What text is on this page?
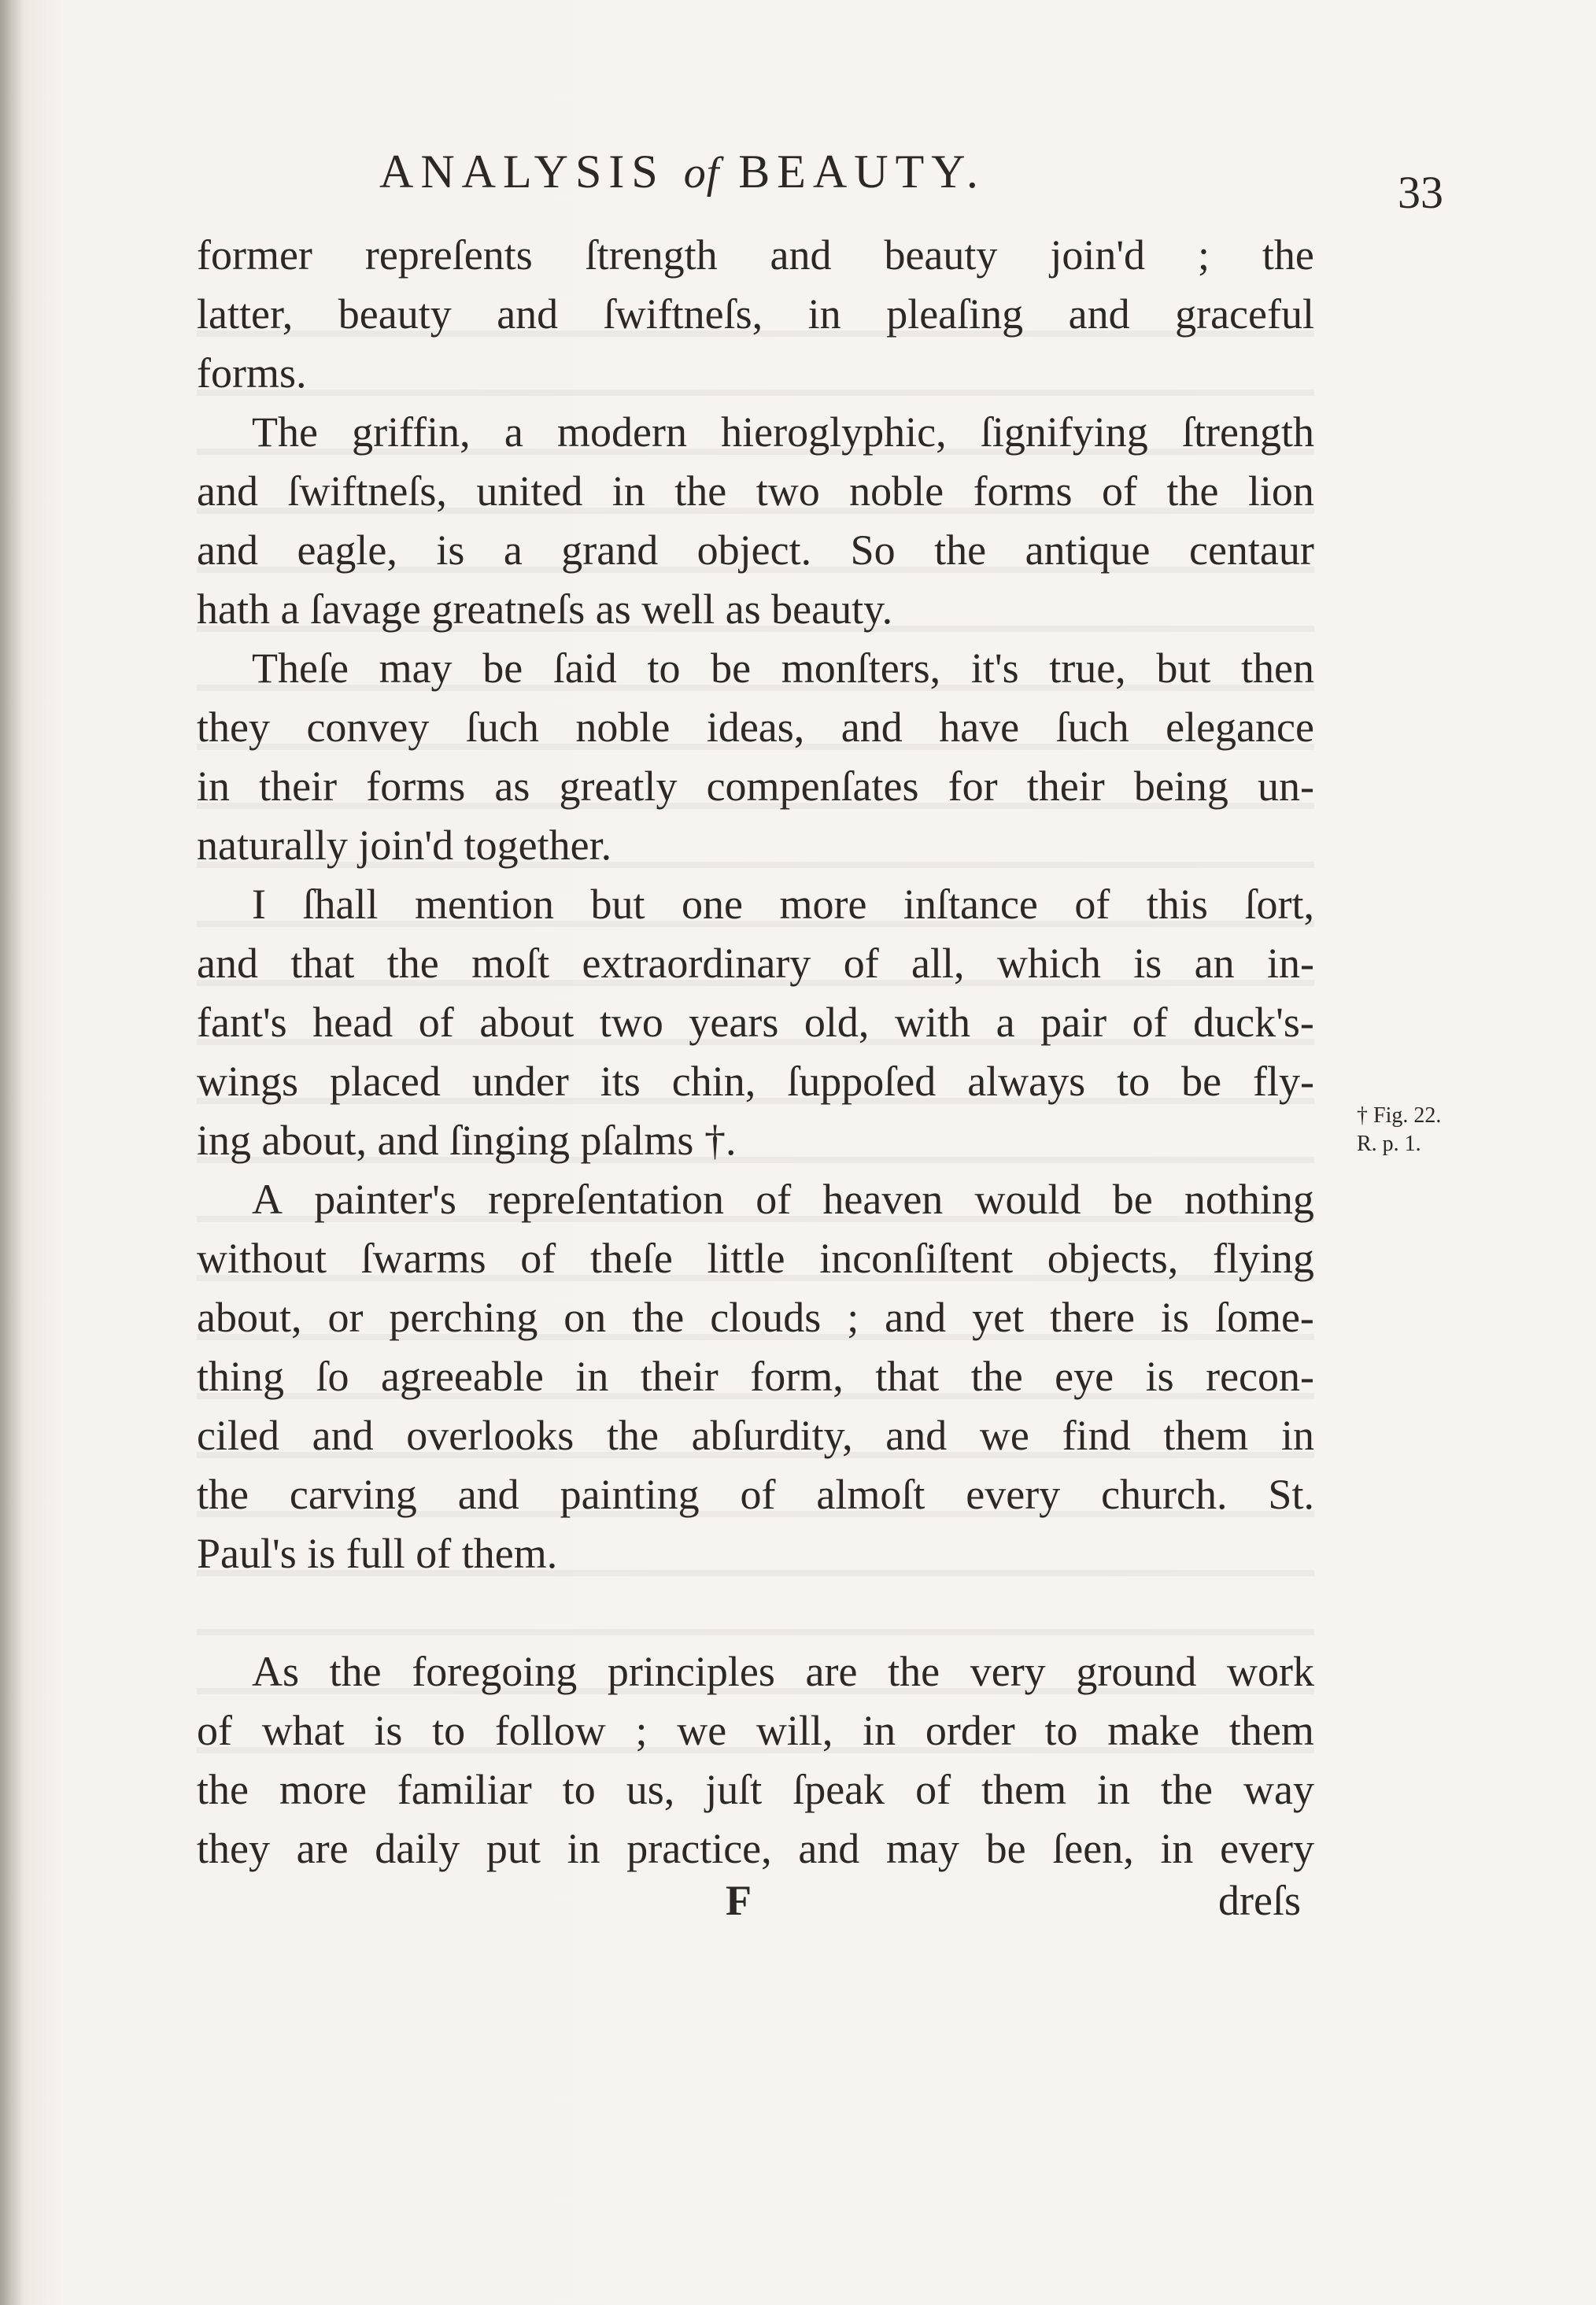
ANALYSIS of BEAUTY.	33
former repreſents ſtrength and beauty join'd ; the
latter, beauty and ſwiftneſs, in pleaſing and graceful
forms.
The griffin, a modern hieroglyphic, ſignifying ſtrength
and ſwiftneſs, united in the two noble forms of the lion
and eagle, is a grand object. So the antique centaur
hath a ſavage greatneſs as well as beauty.
Theſe may be ſaid to be monſters, it's true, but then
they convey ſuch noble ideas, and have ſuch elegance
in their forms as greatly compenſates for their being un-
naturally join'd together.
I ſhall mention but one more inſtance of this ſort,
and that the moſt extraordinary of all, which is an in-
fant's head of about two years old, with a pair of duck's-
wings placed under its chin, ſuppoſed always to be fly-
ing about, and ſinging pſalms †.
A painter's repreſentation of heaven would be nothing
without ſwarms of theſe little inconſiſtent objects, flying
about, or perching on the clouds ; and yet there is ſome-
thing ſo agreeable in their form, that the eye is recon-
ciled and overlooks the abſurdity, and we find them in
the carving and painting of almoſt every church. St.
Paul's is full of them.
As the foregoing principles are the very ground work
of what is to follow ; we will, in order to make them
the more familiar to us, juſt ſpeak of them in the way
they are daily put in practice, and may be ſeen, in every
† Fig. 22.
R. p. 1.
F	dreſs
